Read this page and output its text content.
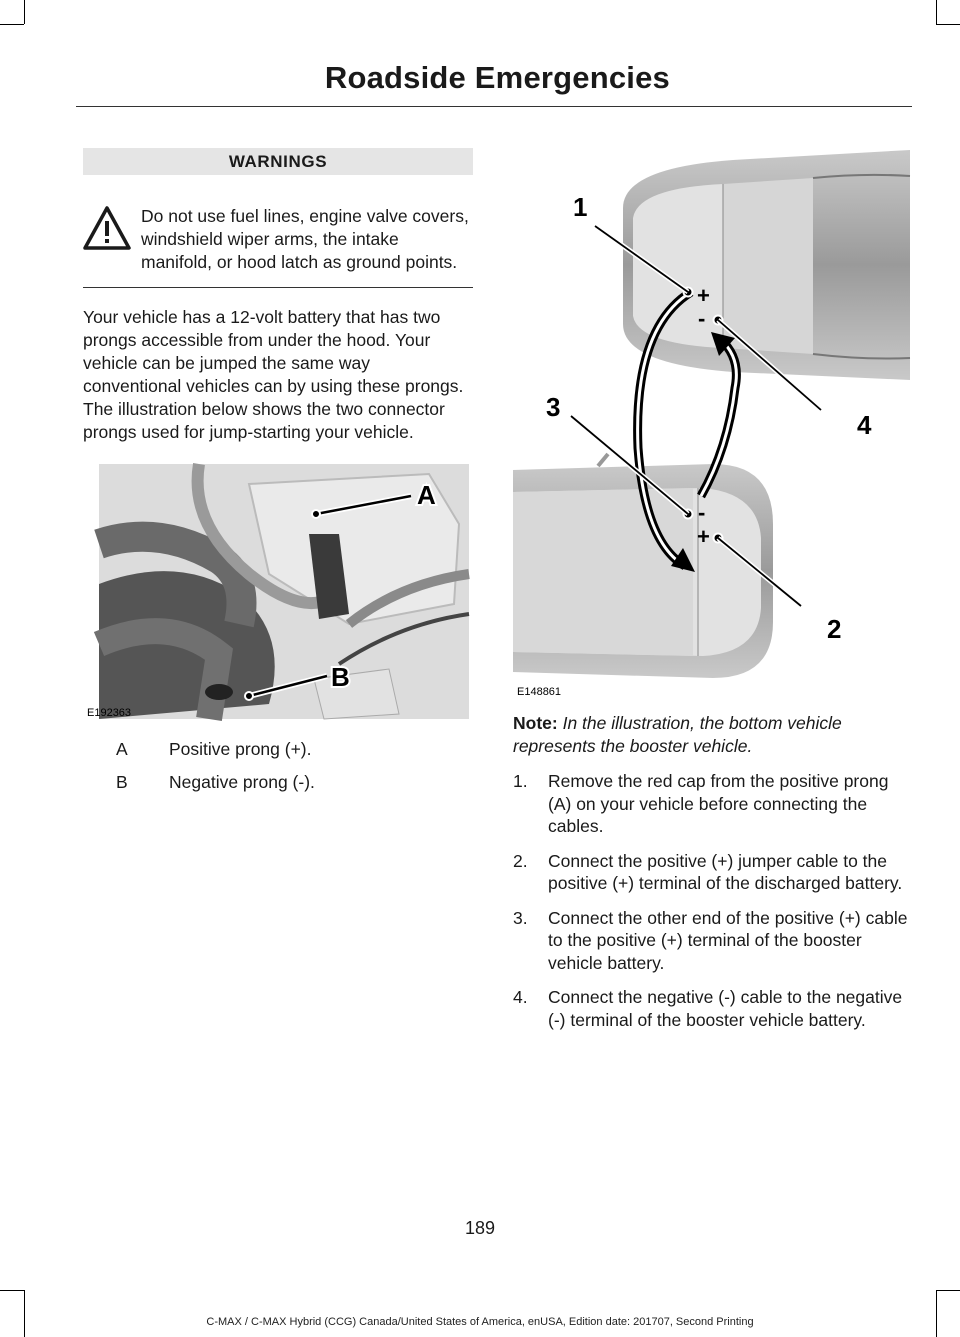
Roadside Emergencies
WARNINGS
Do not use fuel lines, engine valve covers, windshield wiper arms, the intake manifold, or hood latch as ground points.
Your vehicle has a 12-volt battery that has two prongs accessible from under the hood. Your vehicle can be jumped the same way conventional vehicles can by using these prongs. The illustration below shows the two connector prongs used for jump-starting your vehicle.
A
B
E192363
A	Positive prong (+).
B	Negative prong (-).
+
-
-
+
1
2
3
4
E148861
Note: In the illustration, the bottom vehicle represents the booster vehicle.
1.	Remove the red cap from the positive prong (A) on your vehicle before connecting the cables.
2.	Connect the positive (+) jumper cable to the positive (+) terminal of the discharged battery.
3.	Connect the other end of the positive (+) cable to the positive (+) terminal of the booster vehicle battery.
4.	Connect the negative (-) cable to the negative (-) terminal of the booster vehicle battery.
189
C-MAX / C-MAX Hybrid (CCG) Canada/United States of America, enUSA, Edition date: 201707, Second Printing
